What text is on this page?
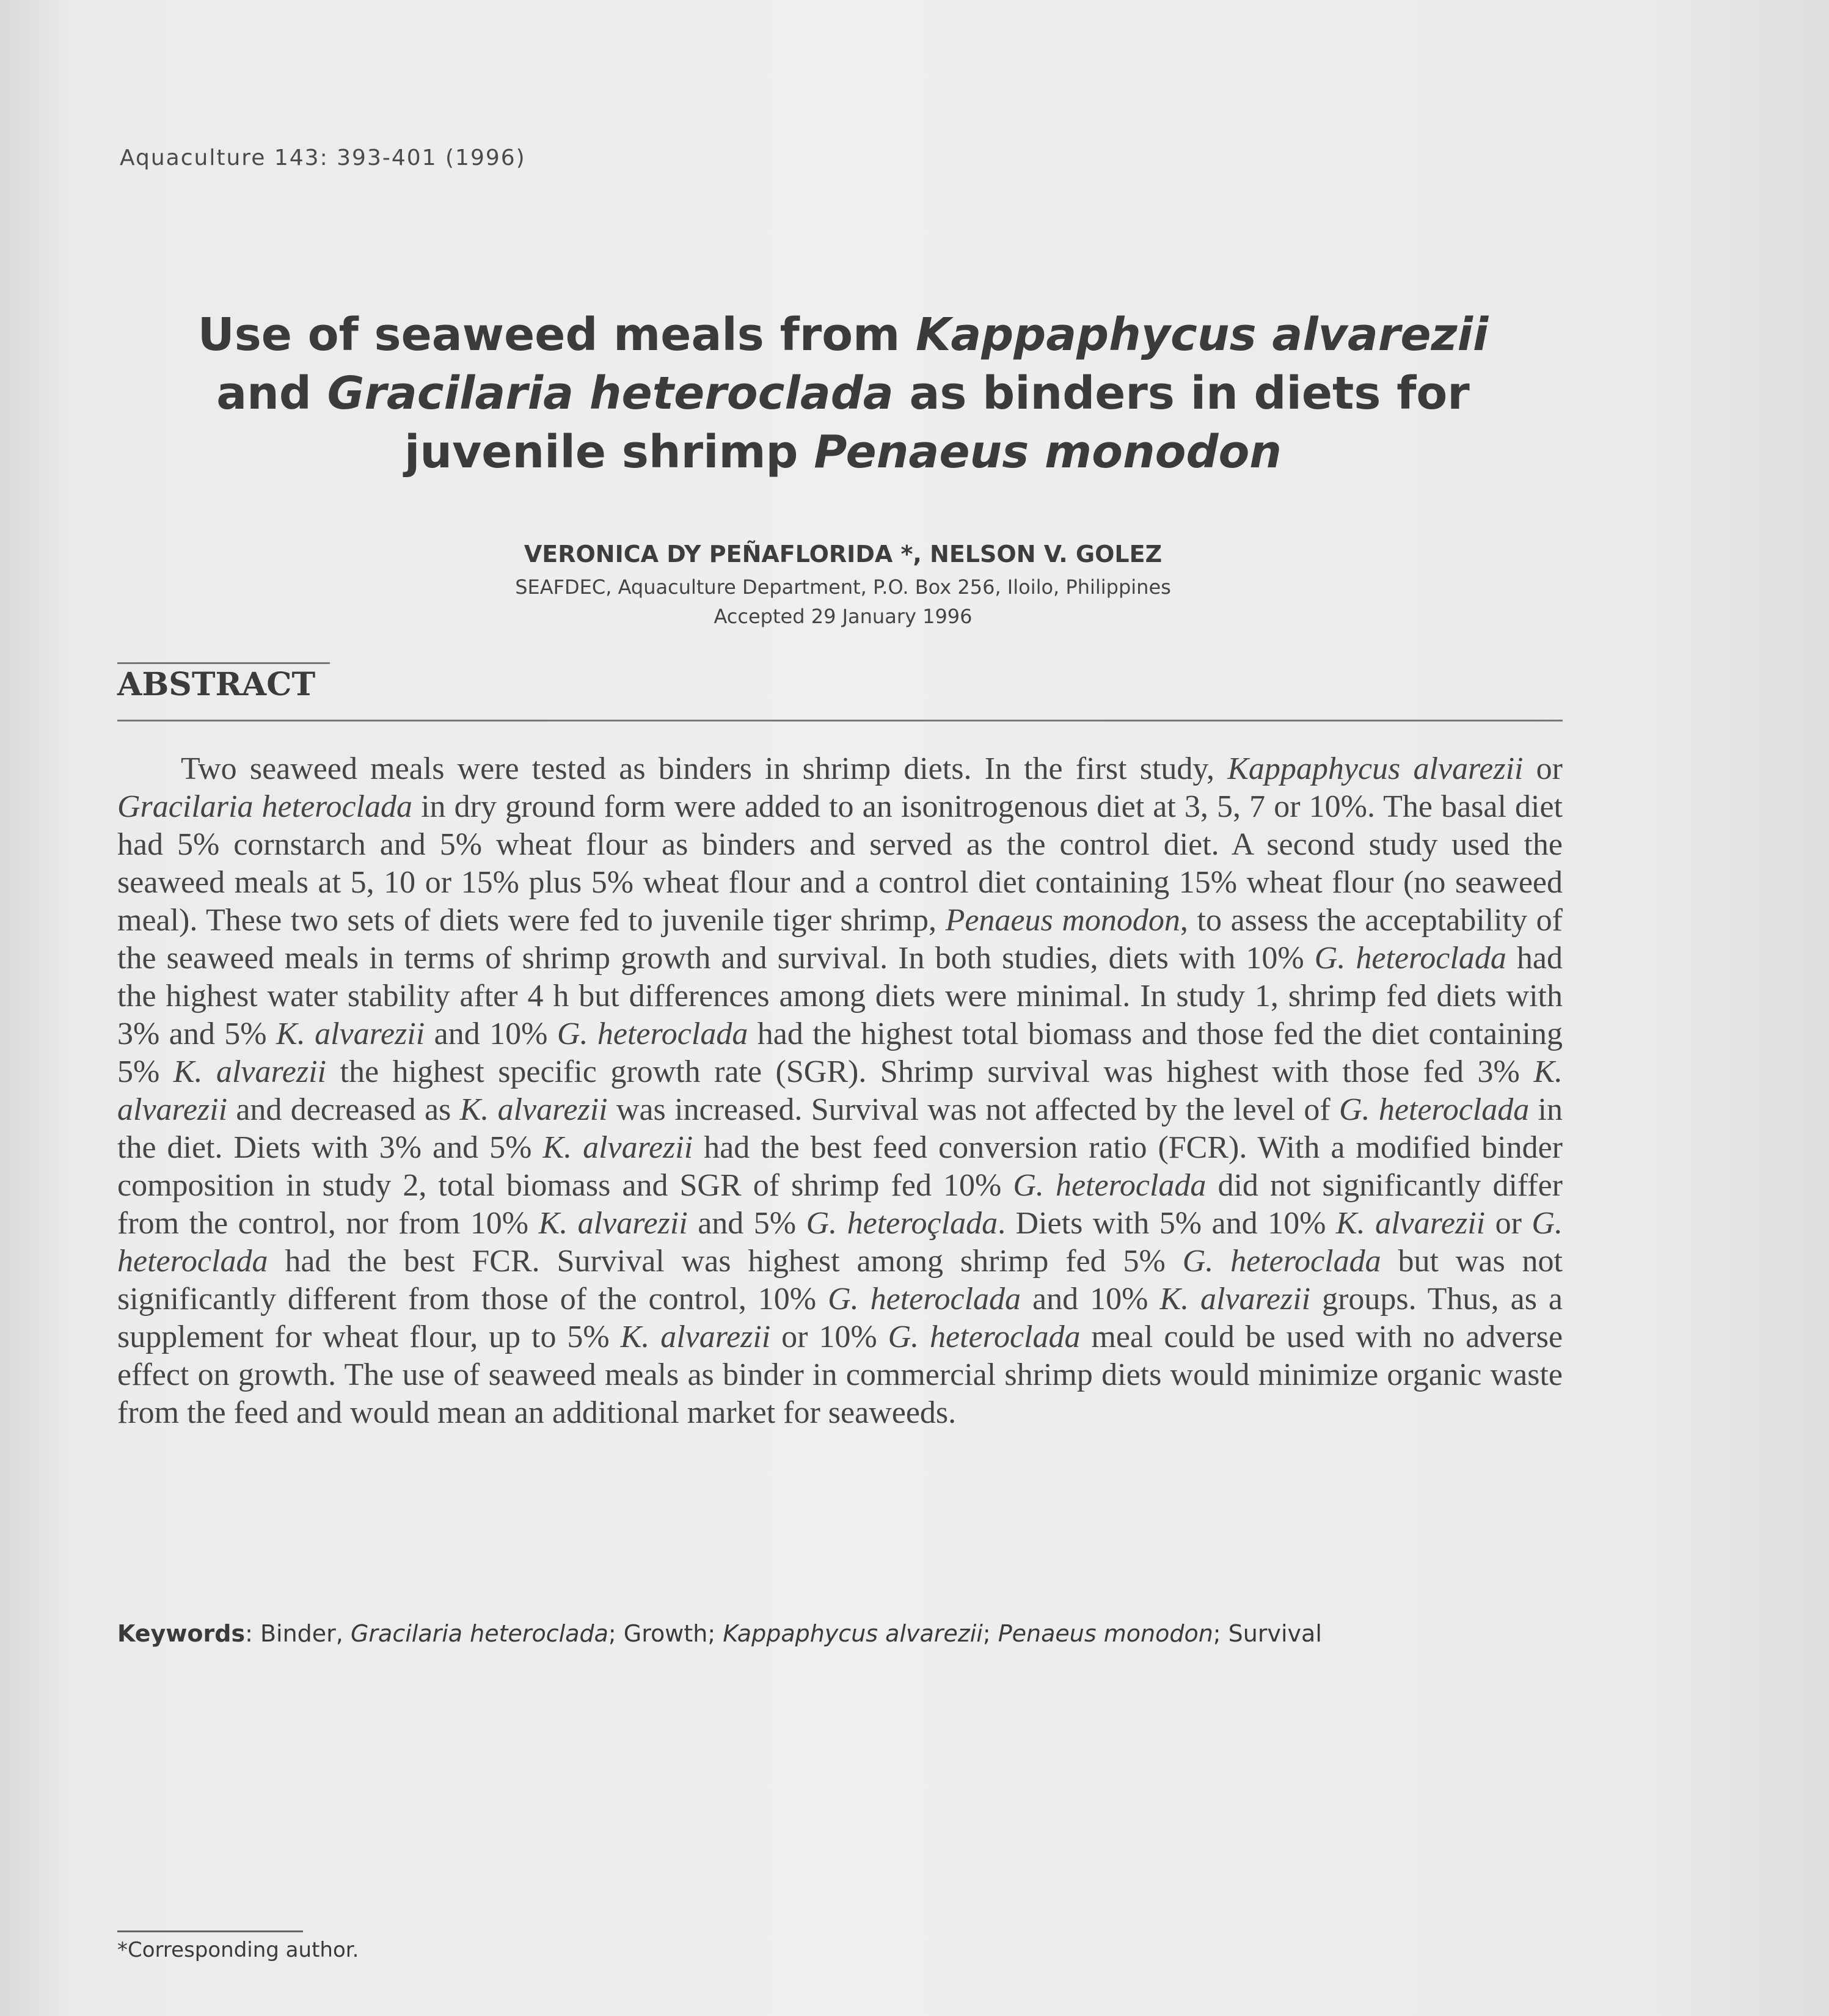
Aquaculture 143: 393-401 (1996)
Use of seaweed meals from Kappaphycus alvarezii
and Gracilaria heteroclada as binders in diets for
juvenile shrimp Penaeus monodon
VERONICA DY PEÑAFLORIDA *, NELSON V. GOLEZ
SEAFDEC, Aquaculture Department, P.O. Box 256, Iloilo, Philippines
Accepted 29 January 1996
ABSTRACT
Two seaweed meals were tested as binders in shrimp diets. In the first study, Kappaphycus alvarezii or Gracilaria heteroclada in dry ground form were added to an isonitrogenous diet at 3, 5, 7 or 10%. The basal diet had 5% cornstarch and 5% wheat flour as binders and served as the control diet. A second study used the seaweed meals at 5, 10 or 15% plus 5% wheat flour and a control diet containing 15% wheat flour (no seaweed meal). These two sets of diets were fed to juvenile tiger shrimp, Penaeus monodon, to assess the acceptability of the seaweed meals in terms of shrimp growth and survival. In both studies, diets with 10% G. heteroclada had the highest water stability after 4 h but differences among diets were minimal. In study 1, shrimp fed diets with 3% and 5% K. alvarezii and 10% G. heteroclada had the highest total biomass and those fed the diet containing 5% K. alvarezii the highest specific growth rate (SGR). Shrimp survival was highest with those fed 3% K. alvarezii and decreased as K. alvarezii was increased. Survival was not affected by the level of G. heteroclada in the diet. Diets with 3% and 5% K. alvarezii had the best feed conversion ratio (FCR). With a modified binder composition in study 2, total biomass and SGR of shrimp fed 10% G. heteroclada did not significantly differ from the control, nor from 10% K. alvarezii and 5% G. heteroçlada. Diets with 5% and 10% K. alvarezii or G. heteroclada had the best FCR. Survival was highest among shrimp fed 5% G. heteroclada but was not significantly different from those of the control, 10% G. heteroclada and 10% K. alvarezii groups. Thus, as a supplement for wheat flour, up to 5% K. alvarezii or 10% G. heteroclada meal could be used with no adverse effect on growth. The use of seaweed meals as binder in commercial shrimp diets would minimize organic waste from the feed and would mean an additional market for seaweeds.
Keywords: Binder, Gracilaria heteroclada; Growth; Kappaphycus alvarezii; Penaeus monodon; Survival
*Corresponding author.
